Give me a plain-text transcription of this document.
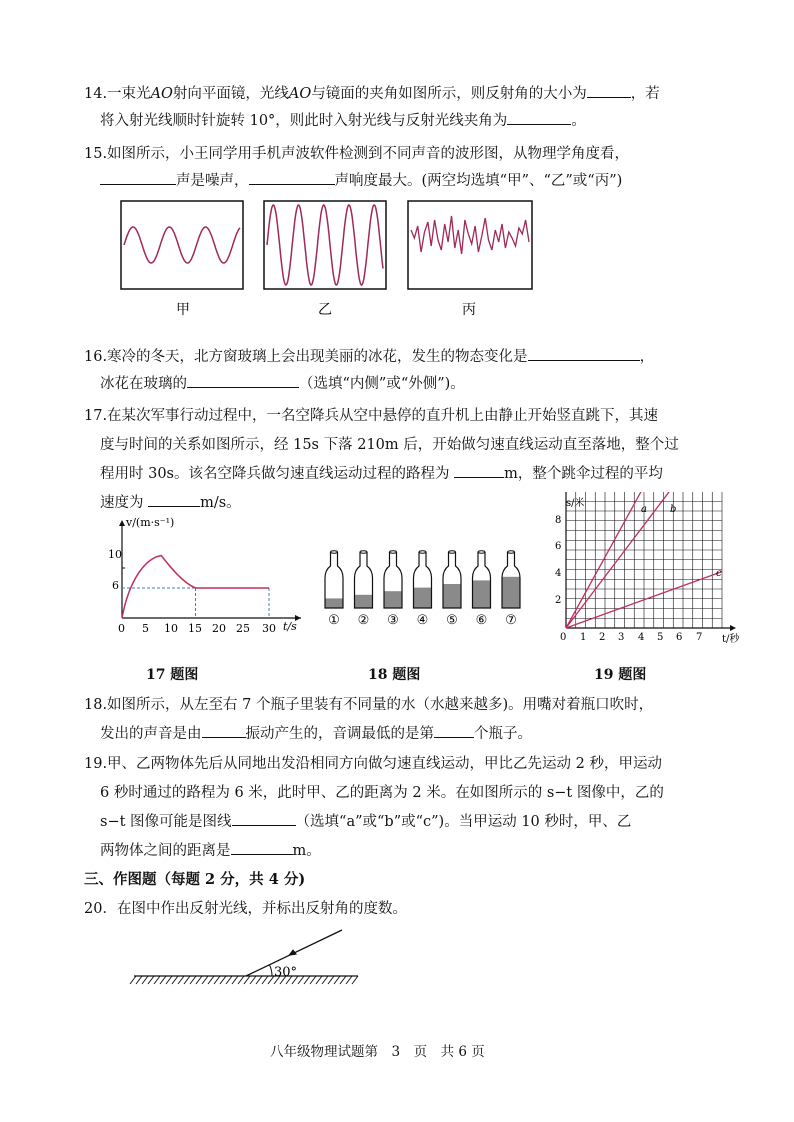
14.一束光AO射向平面镜，光线AO与镜面的夹角如图所示，则反射角的大小为	，若
将入射光线顺时针旋转 10°，则此时入射光线与反射光线夹角为	。
15.如图所示，小王同学用手机声波软件检测到不同声音的波形图，从物理学角度看，
声是噪声，	声响度最大。(两空均选填“甲”、“乙”或“丙”)
甲	乙	丙
16.寒冷的冬天，北方窗玻璃上会出现美丽的冰花，发生的物态变化是	，
冰花在玻璃的	（选填“内侧”或“外侧”)。
17.在某次军事行动过程中，一名空降兵从空中悬停的直升机上由静止开始竖直跳下，其速
度与时间的关系如图所示，经 15s 下落 210m 后，开始做匀速直线运动直至落地，整个过
程用时 30s。该名空降兵做匀速直线运动过程的路程为	m，整个跳伞过程的平均
速度为	m/s。
v/(m·s⁻¹)
t/s
10
6
0 5 10 15 20 25 30
17 题图
① ② ③ ④ ⑤ ⑥ ⑦
18 题图
s/米
t/秒
8
6
4
2
0 1 2 3 4 5 6 7
a b
c
19 题图
18.如图所示，从左至右 7 个瓶子里装有不同量的水（水越来越多)。用嘴对着瓶口吹时，
发出的声音是由	振动产生的，音调最低的是第	个瓶子。
19.甲、乙两物体先后从同地出发沿相同方向做匀速直线运动，甲比乙先运动 2 秒，甲运动
6 秒时通过的路程为 6 米，此时甲、乙的距离为 2 米。在如图所示的 s−t 图像中，乙的
s−t 图像可能是图线	（选填“a”或“b”或“c”)。当甲运动 10 秒时，甲、乙
两物体之间的距离是	m。
三、作图题（每题 2 分，共 4 分)
20．在图中作出反射光线，并标出反射角的度数。
30°
八年级物理试题第　3　页　共 6 页
